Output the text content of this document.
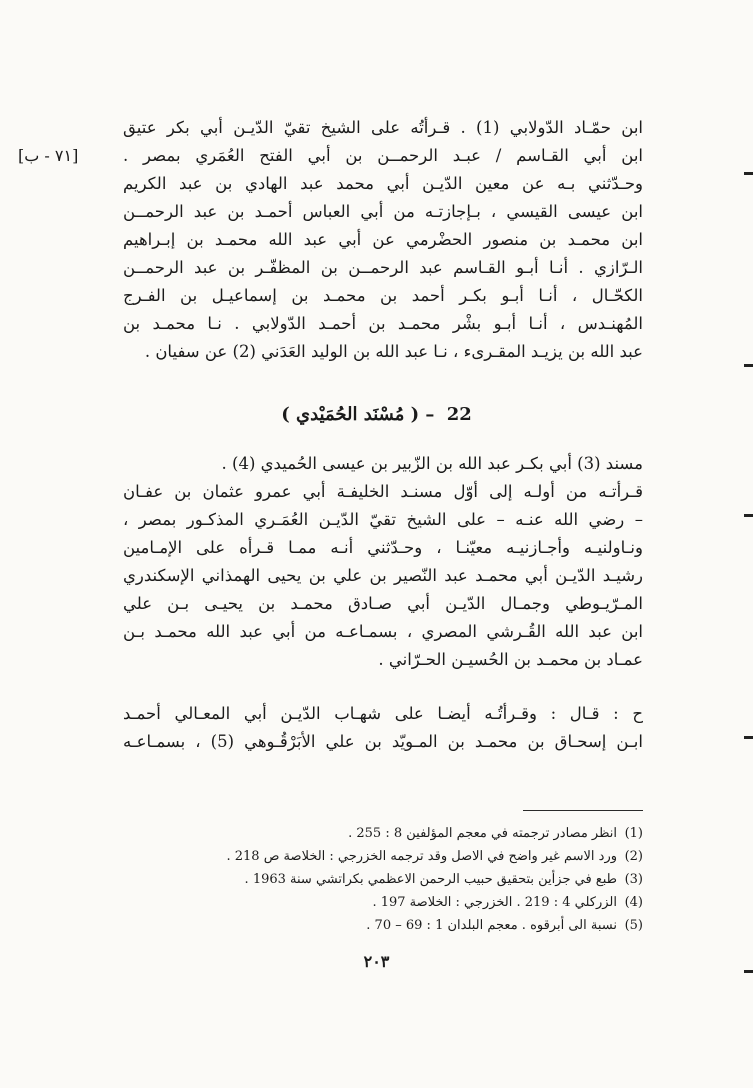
[٧١ - ب]
ابن حمّـاد الدّولابي (1) . قـرأتُه على الشيخ تقيّ الدّيـن أبي بكر عتيق
ابن أبي القـاسم / عبـد الرحمــن بن أبي الفتح العُمَري بمصر .
وحـدّثني بـه عن معين الدّيـن أبي محمد عبد الهادي بن عبد الكريم
ابن عيسى القيسي ، بـإجازتـه من أبي العباس أحمـد بن عبد الرحمــن
ابن محمـد بن منصور الحضْرمي عن أبي عبد الله محمـد بن إبـراهيم
الـرّازي . أنـا أبـو القـاسم عبد الرحمــن بن المظفّـر بن عبد الرحمــن
الكحّـال ، أنـا أبـو بكـر أحمد بن محمـد بن إسماعيـل بن الفـرج
المُهنـدس ، أنـا أبـو بشْر محمـد بن أحمـد الدّولابي . نـا محمـد بن
عبد الله بن يزيـد المقـرىء ، نـا عبد الله بن الوليد العَدَني (2) عن سفيان .
22 – ( مُسْنَد الحُمَيْدي )
مسند (3) أبي بكـر عبد الله بن الزّبير بن عيسى الحُميدي (4) .
قـرأتـه من أولـه إلى أوّل مسنـد الخليفـة أبي عمرو عثمان بن عفـان
– رضي الله عنـه – على الشيخ تقيّ الدّيـن العُمَـري المذكـور بمصر ،
ونـاولنيـه وأجـازنيـه معيّنـا ، وحـدّثني أنـه ممـا قـرأه على الإمـامين
رشيـد الدّيـن أبي محمـد عبد النّصير بن علي بن يحيى الهمذاني الإسكندري
المـرّيـوطي وجمـال الدّيـن أبي صـادق محمـد بن يحيـى بـن علي
ابن عبد الله القُـرشي المصري ، بسمـاعـه من أبي عبد الله محمـد بـن
عمـاد بن محمـد بن الحُسيـن الحـرّاني .
ح : قـال : وقـرأتُـه أيضـا على شهـاب الدّيـن أبي المعـالي أحمـد
ابـن إسحـاق بن محمـد بن المـويّد بن علي الأبَرْقُـوهي (5) ، بسمـاعـه
(1)انظر مصادر ترجمته في معجم المؤلفين 8 : 255 .
(2)ورد الاسم غير واضح في الاصل وقد ترجمه الخزرجي : الخلاصة ص 218 .
(3)طبع في جزأين بتحقيق حبيب الرحمن الاعظمي بكراتشي سنة 1963 .
(4)الزركلي 4 : 219 . الخزرجي : الخلاصة 197 .
(5)نسبة الى أبرقوه . معجم البلدان 1 : 69 – 70 .
٢٠٣
